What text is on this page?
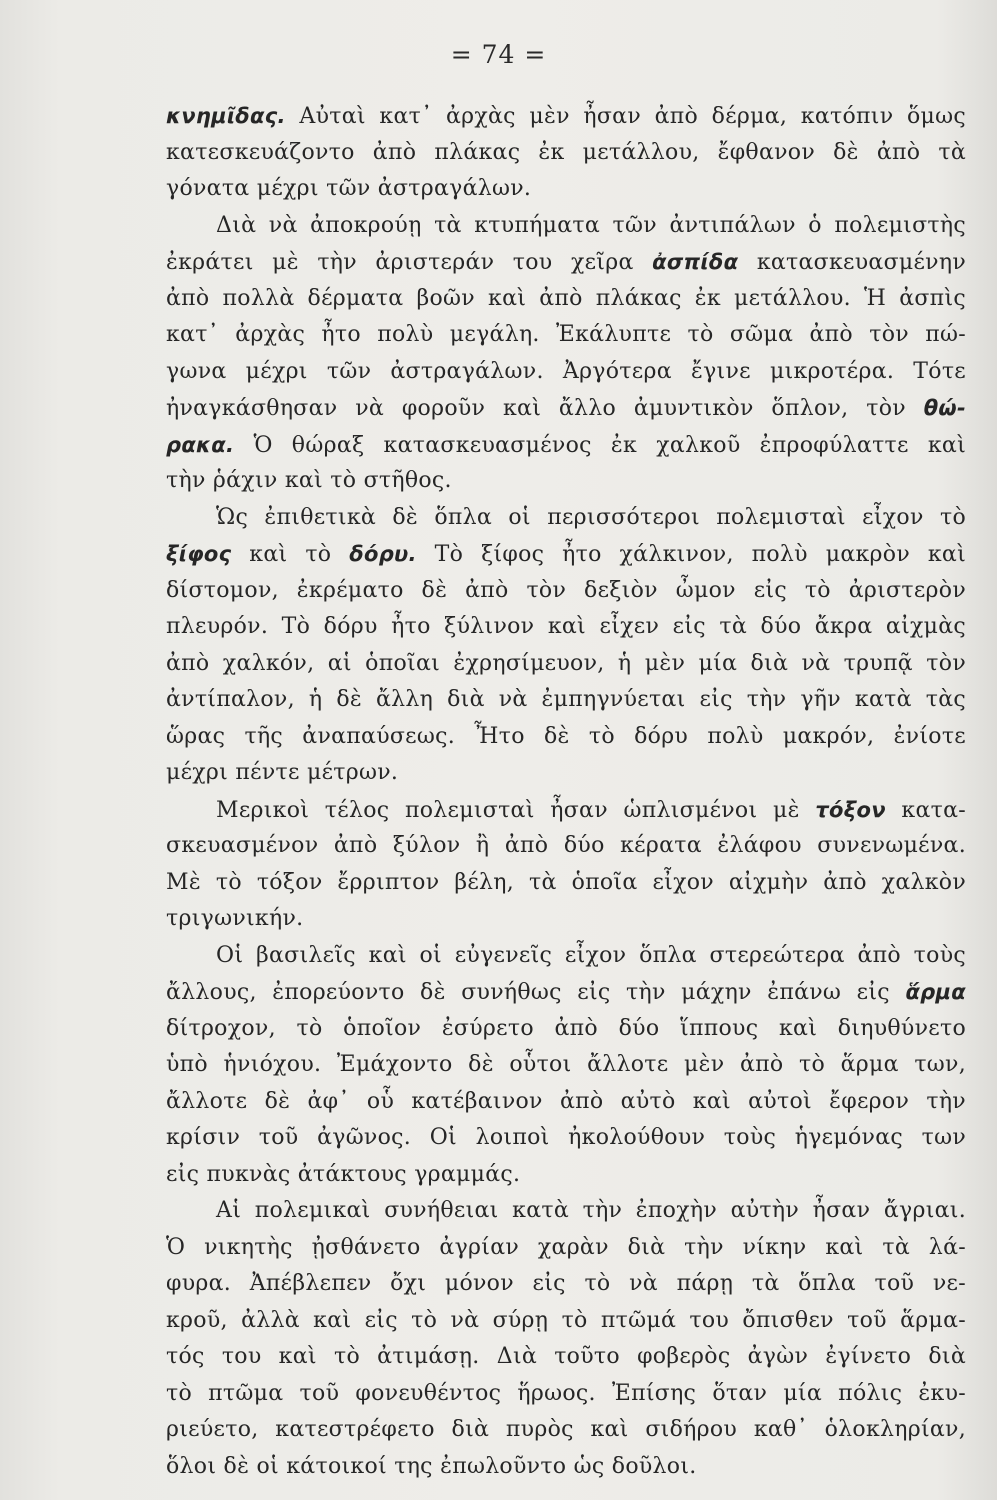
= 74 =
κνημῖδας. Αὐταὶ κατ᾽ ἀρχὰς μὲν ἦσαν ἀπὸ δέρμα, κατόπιν ὅμως
κατεσκευάζοντο ἀπὸ πλάκας ἐκ μετάλλου, ἔφθανον δὲ ἀπὸ τὰ
γόνατα μέχρι τῶν ἀστραγάλων.
Διὰ νὰ ἀποκρούῃ τὰ κτυπήματα τῶν ἀντιπάλων ὁ πολεμιστὴς
ἐκράτει μὲ τὴν ἀριστεράν του χεῖρα ἀσπίδα κατασκευασμένην
ἀπὸ πολλὰ δέρματα βοῶν καὶ ἀπὸ πλάκας ἐκ μετάλλου. Ἡ ἀσπὶς
κατ᾽ ἀρχὰς ἦτο πολὺ μεγάλη. Ἐκάλυπτε τὸ σῶμα ἀπὸ τὸν πώ-
γωνα μέχρι τῶν ἀστραγάλων. Ἀργότερα ἔγινε μικροτέρα. Τότε
ἠναγκάσθησαν νὰ φοροῦν καὶ ἄλλο ἀμυντικὸν ὅπλον, τὸν θώ-
ρακα. Ὁ θώραξ κατασκευασμένος ἐκ χαλκοῦ ἐπροφύλαττε καὶ
τὴν ῥάχιν καὶ τὸ στῆθος.
Ὡς ἐπιθετικὰ δὲ ὅπλα οἱ περισσότεροι πολεμισταὶ εἶχον τὸ
ξίφος καὶ τὸ δόρυ. Τὸ ξίφος ἦτο χάλκινον, πολὺ μακρὸν καὶ
δίστομον, ἐκρέματο δὲ ἀπὸ τὸν δεξιὸν ὦμον εἰς τὸ ἀριστερὸν
πλευρόν. Τὸ δόρυ ἦτο ξύλινον καὶ εἶχεν εἰς τὰ δύο ἄκρα αἰχμὰς
ἀπὸ χαλκόν, αἱ ὁποῖαι ἐχρησίμευον, ἡ μὲν μία διὰ νὰ τρυπᾷ τὸν
ἀντίπαλον, ἡ δὲ ἄλλη διὰ νὰ ἐμπηγνύεται εἰς τὴν γῆν κατὰ τὰς
ὥρας τῆς ἀναπαύσεως. Ἦτο δὲ τὸ δόρυ πολὺ μακρόν, ἐνίοτε
μέχρι πέντε μέτρων.
Μερικοὶ τέλος πολεμισταὶ ἦσαν ὡπλισμένοι μὲ τόξον κατα-
σκευασμένον ἀπὸ ξύλον ἢ ἀπὸ δύο κέρατα ἐλάφου συνενωμένα.
Μὲ τὸ τόξον ἔρριπτον βέλη, τὰ ὁποῖα εἶχον αἰχμὴν ἀπὸ χαλκὸν
τριγωνικήν.
Οἱ βασιλεῖς καὶ οἱ εὐγενεῖς εἶχον ὅπλα στερεώτερα ἀπὸ τοὺς
ἄλλους, ἐπορεύοντο δὲ συνήθως εἰς τὴν μάχην ἐπάνω εἰς ἅρμα
δίτροχον, τὸ ὁποῖον ἐσύρετο ἀπὸ δύο ἵππους καὶ διηυθύνετο
ὑπὸ ἡνιόχου. Ἐμάχοντο δὲ οὗτοι ἄλλοτε μὲν ἀπὸ τὸ ἅρμα των,
ἄλλοτε δὲ ἀφ᾽ οὗ κατέβαινον ἀπὸ αὐτὸ καὶ αὐτοὶ ἔφερον τὴν
κρίσιν τοῦ ἀγῶνος. Οἱ λοιποὶ ἠκολούθουν τοὺς ἡγεμόνας των
εἰς πυκνὰς ἀτάκτους γραμμάς.
Αἱ πολεμικαὶ συνήθειαι κατὰ τὴν ἐποχὴν αὐτὴν ἦσαν ἄγριαι.
Ὁ νικητὴς ᾐσθάνετο ἀγρίαν χαρὰν διὰ τὴν νίκην καὶ τὰ λά-
φυρα. Ἀπέβλεπεν ὄχι μόνον εἰς τὸ νὰ πάρῃ τὰ ὅπλα τοῦ νε-
κροῦ, ἀλλὰ καὶ εἰς τὸ νὰ σύρῃ τὸ πτῶμά του ὄπισθεν τοῦ ἅρμα-
τός του καὶ τὸ ἀτιμάσῃ. Διὰ τοῦτο φοβερὸς ἀγὼν ἐγίνετο διὰ
τὸ πτῶμα τοῦ φονευθέντος ἥρωος. Ἐπίσης ὅταν μία πόλις ἐκυ-
ριεύετο, κατεστρέφετο διὰ πυρὸς καὶ σιδήρου καθ᾽ ὁλοκληρίαν,
ὅλοι δὲ οἱ κάτοικοί της ἐπωλοῦντο ὡς δοῦλοι.
